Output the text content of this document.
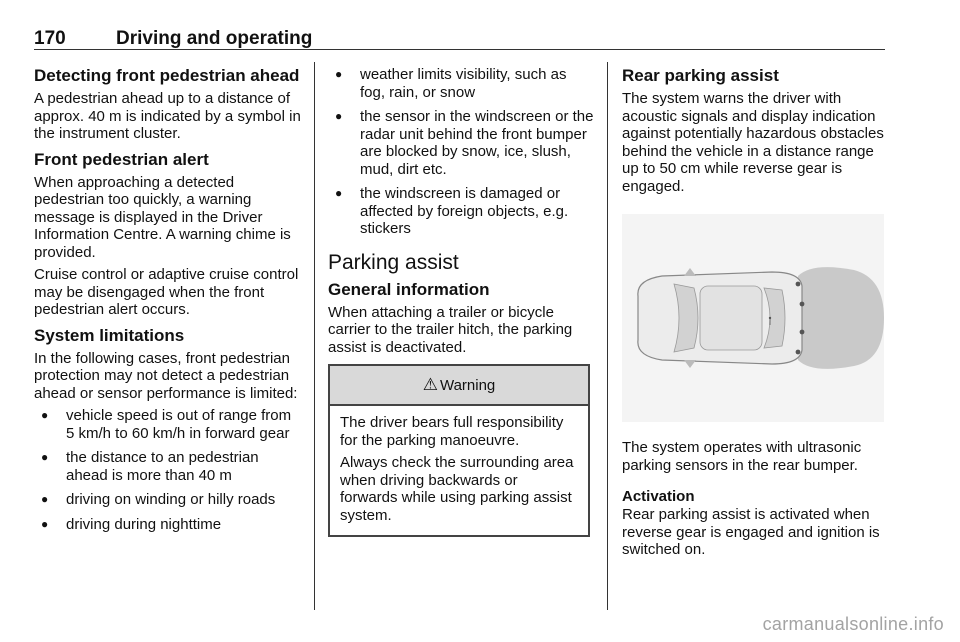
170	Driving and operating
Detecting front pedestrian ahead

A pedestrian ahead up to a distance of approx. 40 m is indicated by a symbol in the instrument cluster.

Front pedestrian alert

When approaching a detected pedestrian too quickly, a warning message is displayed in the Driver Information Centre. A warning chime is provided.

Cruise control or adaptive cruise control may be disengaged when the front pedestrian alert occurs.

System limitations

In the following cases, front pedestrian protection may not detect a pedestrian ahead or sensor performance is limited:

● vehicle speed is out of range from 5 km/h to 60 km/h in forward gear
● the distance to an pedestrian ahead is more than 40 m
● driving on winding or hilly roads
● driving during nighttime
● weather limits visibility, such as fog, rain, or snow
● the sensor in the windscreen or the radar unit behind the front bumper are blocked by snow, ice, slush, mud, dirt etc.
● the windscreen is damaged or affected by foreign objects, e.g. stickers
Parking assist
General information

When attaching a trailer or bicycle carrier to the trailer hitch, the parking assist is deactivated.

⚠ Warning

The driver bears full responsibility for the parking manoeuvre.

Always check the surrounding area when driving backwards or forwards while using parking assist system.

Rear parking assist

The system warns the driver with acoustic signals and display indication against potentially hazardous obstacles behind the vehicle in a distance range up to 50 cm while reverse gear is engaged.

The system operates with ultrasonic parking sensors in the rear bumper.

Activation

Rear parking assist is activated when reverse gear is engaged and ignition is switched on.

carmanualsonline.info
